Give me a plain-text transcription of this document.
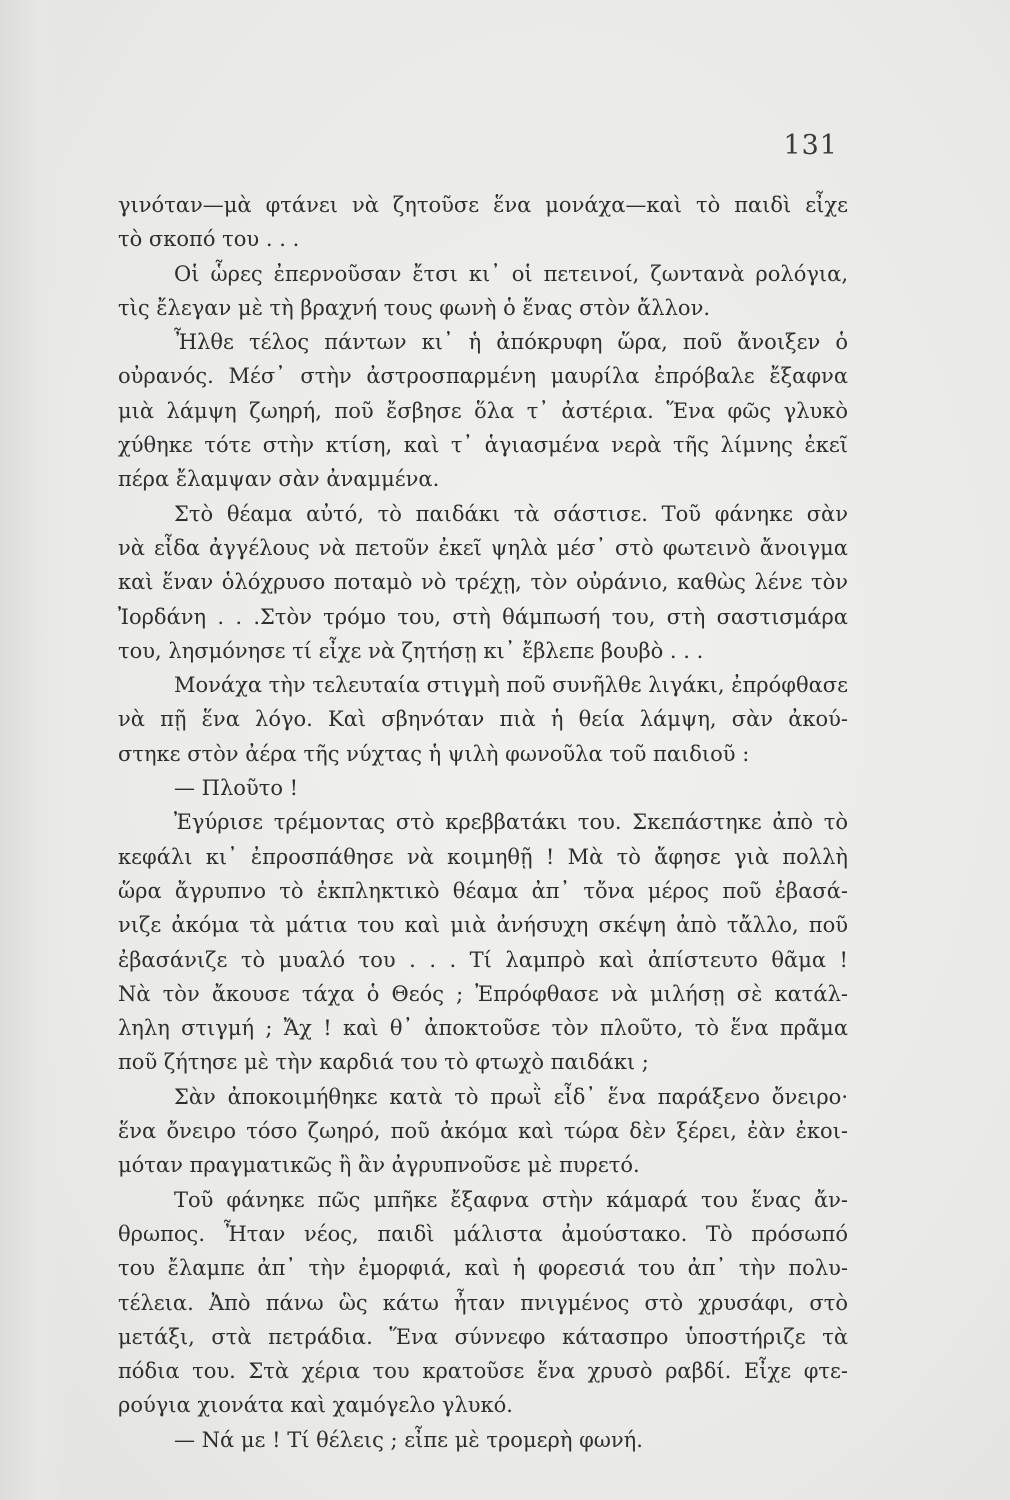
131
γινόταν—μὰ φτάνει νὰ ζητοῦσε ἕνα μονάχα—καὶ τὸ παιδὶ εἶχε
τὸ σκοπό του . . .
Οἱ ὧρες ἐπερνοῦσαν ἔτσι κι᾿ οἱ πετεινοί, ζωντανὰ ρολόγια,
τὶς ἔλεγαν μὲ τὴ βραχνή τους φωνὴ ὁ ἕνας στὸν ἄλλον.
Ἦλθε τέλος πάντων κι᾿ ἡ ἀπόκρυφη ὥρα, ποῦ ἄνοιξεν ὁ
οὐρανός. Μέσ᾿ στὴν ἀστροσπαρμένη μαυρίλα ἐπρόβαλε ἔξαφνα
μιὰ λάμψη ζωηρή, ποῦ ἔσβησε ὅλα τ᾿ ἀστέρια. Ἕνα φῶς γλυκὸ
χύθηκε τότε στὴν κτίση, καὶ τ᾿ ἁγιασμένα νερὰ τῆς λίμνης ἐκεῖ
πέρα ἔλαμψαν σὰν ἀναμμένα.
Στὸ θέαμα αὐτό, τὸ παιδάκι τὰ σάστισε. Τοῦ φάνηκε σὰν
νὰ εἶδα ἀγγέλους νὰ πετοῦν ἐκεῖ ψηλὰ μέσ᾿ στὸ φωτεινὸ ἄνοιγμα
καὶ ἕναν ὁλόχρυσο ποταμὸ νὸ τρέχῃ, τὸν οὐράνιο, καθὼς λένε τὸν
Ἰορδάνη . . .Στὸν τρόμο του, στὴ θάμπωσή του, στὴ σαστισμάρα
του, λησμόνησε τί εἶχε νὰ ζητήσῃ κι᾿ ἔβλεπε βουβὸ . . .
Μονάχα τὴν τελευταία στιγμὴ ποῦ συνῆλθε λιγάκι, ἐπρόφθασε
νὰ πῇ ἕνα λόγο. Καὶ σβηνόταν πιὰ ἡ θεία λάμψη, σὰν ἀκού-
στηκε στὸν ἀέρα τῆς νύχτας ἡ ψιλὴ φωνοῦλα τοῦ παιδιοῦ :
— Πλοῦτο !
Ἐγύρισε τρέμοντας στὸ κρεββατάκι του. Σκεπάστηκε ἀπὸ τὸ
κεφάλι κι᾿ ἐπροσπάθησε νὰ κοιμηθῇ ! Μὰ τὸ ἄφησε γιὰ πολλὴ
ὥρα ἄγρυπνο τὸ ἐκπληκτικὸ θέαμα ἀπ᾿ τὄνα μέρος ποῦ ἐβασά-
νιζε ἀκόμα τὰ μάτια του καὶ μιὰ ἀνήσυχη σκέψη ἀπὸ τἄλλο, ποῦ
ἐβασάνιζε τὸ μυαλό του . . . Τί λαμπρὸ καὶ ἀπίστευτο θᾶμα !
Νὰ τὸν ἄκουσε τάχα ὁ Θεός ; Ἐπρόφθασε νὰ μιλήσῃ σὲ κατάλ-
ληλη στιγμή ; Ἄχ ! καὶ θ᾿ ἀποκτοῦσε τὸν πλοῦτο, τὸ ἕνα πρᾶμα
ποῦ ζήτησε μὲ τὴν καρδιά του τὸ φτωχὸ παιδάκι ;
Σὰν ἀποκοιμήθηκε κατὰ τὸ πρωῒ εἶδ᾿ ἕνα παράξενο ὄνειρο·
ἕνα ὄνειρο τόσο ζωηρό, ποῦ ἀκόμα καὶ τώρα δὲν ξέρει, ἐὰν ἐκοι-
μόταν πραγματικῶς ἢ ἂν ἀγρυπνοῦσε μὲ πυρετό.
Τοῦ φάνηκε πῶς μπῆκε ἔξαφνα στὴν κάμαρά του ἕνας ἄν-
θρωπος. Ἦταν νέος, παιδὶ μάλιστα ἀμούστακο. Τὸ πρόσωπό
του ἔλαμπε ἀπ᾿ τὴν ἐμορφιά, καὶ ἡ φορεσιά του ἀπ᾿ τὴν πολυ-
τέλεια. Ἀπὸ πάνω ὣς κάτω ἦταν πνιγμένος στὸ χρυσάφι, στὸ
μετάξι, στὰ πετράδια. Ἕνα σύννεφο κάτασπρο ὑποστήριζε τὰ
πόδια του. Στὰ χέρια του κρατοῦσε ἕνα χρυσὸ ραβδί. Εἶχε φτε-
ρούγια χιονάτα καὶ χαμόγελο γλυκό.
— Νά με ! Τί θέλεις ; εἶπε μὲ τρομερὴ φωνή.
